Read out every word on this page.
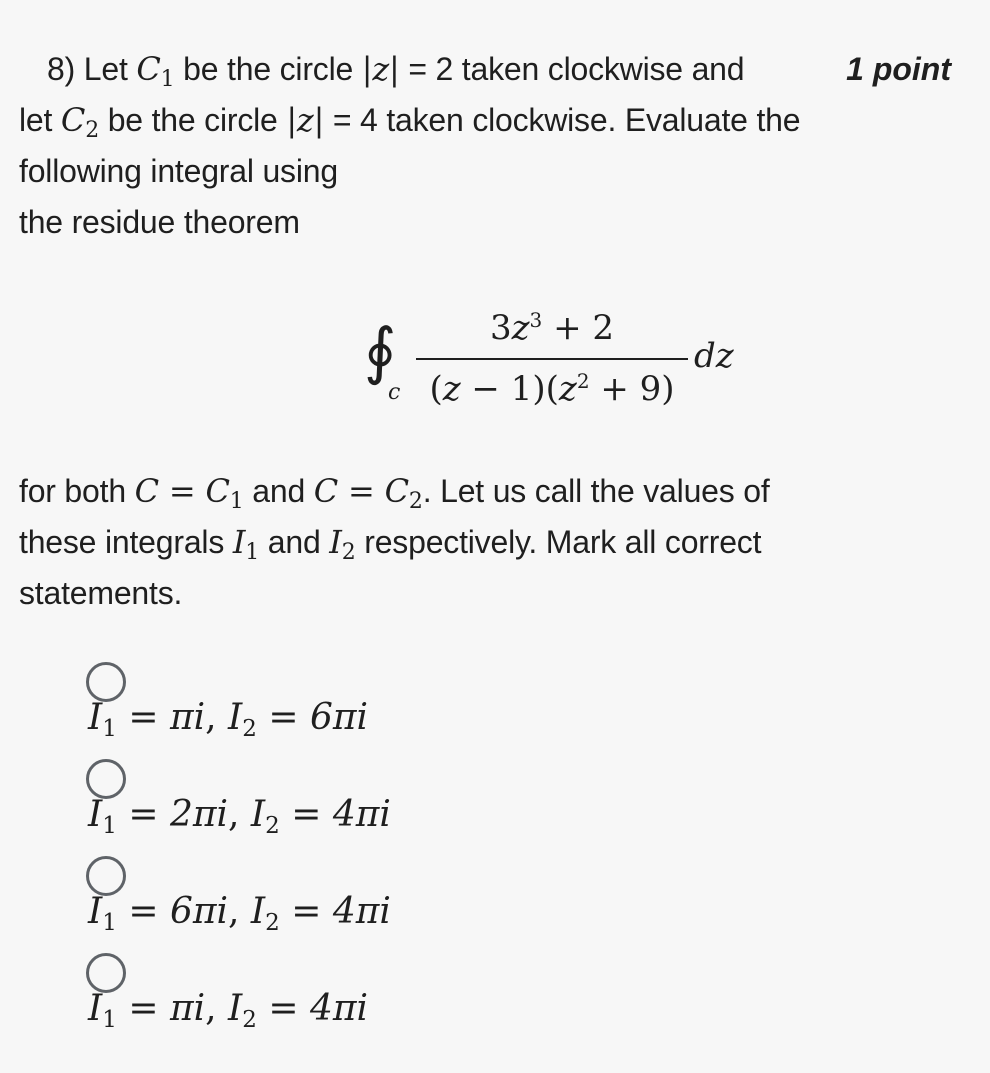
8) Let $C_1$ be the circle |z| = 2 taken clockwise and
let $C_2$ be the circle |z| = 4 taken clockwise. Evaluate the
following integral using
the residue theorem
1 point
∮
c
$3z^3 + 2$
$(z - 1)(z^2 + 9)$
dz
for both $C = C_1$ and $C = C_2$. Let us call the values of
these integrals $I_1$ and $I_2$ respectively. Mark all correct
statements.
$I_1 = \pi i$, $I_2 = 6\pi i$
$I_1 = 2\pi i$, $I_2 = 4\pi i$
$I_1 = 6\pi i$, $I_2 = 4\pi i$
$I_1 = \pi i$, $I_2 = 4\pi i$
